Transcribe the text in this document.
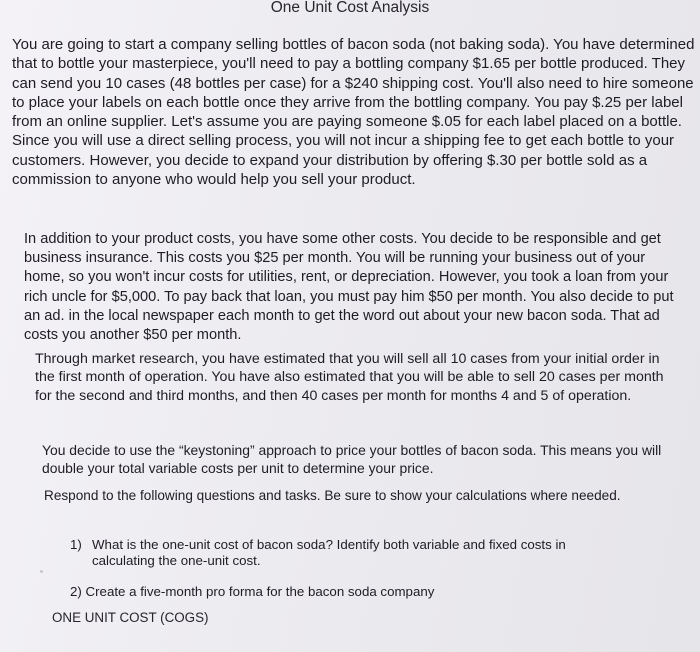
One Unit Cost Analysis

You are going to start a company selling bottles of bacon soda (not baking soda). You have determined that to bottle your masterpiece, you'll need to pay a bottling company $1.65 per bottle produced. They can send you 10 cases (48 bottles per case) for a $240 shipping cost. You'll also need to hire someone to place your labels on each bottle once they arrive from the bottling company. You pay $.25 per label from an online supplier. Let's assume you are paying someone $.05 for each label placed on a bottle. Since you will use a direct selling process, you will not incur a shipping fee to get each bottle to your customers. However, you decide to expand your distribution by offering $.30 per bottle sold as a commission to anyone who would help you sell your product.

In addition to your product costs, you have some other costs. You decide to be responsible and get business insurance. This costs you $25 per month. You will be running your business out of your home, so you won't incur costs for utilities, rent, or depreciation. However, you took a loan from your rich uncle for $5,000. To pay back that loan, you must pay him $50 per month. You also decide to put an ad. in the local newspaper each month to get the word out about your new bacon soda. That ad costs you another $50 per month.

Through market research, you have estimated that you will sell all 10 cases from your initial order in the first month of operation. You have also estimated that you will be able to sell 20 cases per month for the second and third months, and then 40 cases per month for months 4 and 5 of operation.

You decide to use the “keystoning” approach to price your bottles of bacon soda. This means you will double your total variable costs per unit to determine your price.

Respond to the following questions and tasks. Be sure to show your calculations where needed.

1) What is the one-unit cost of bacon soda? Identify both variable and fixed costs in
calculating the one-unit cost.
2) Create a five-month pro forma for the bacon soda company
ONE UNIT COST (COGS)
